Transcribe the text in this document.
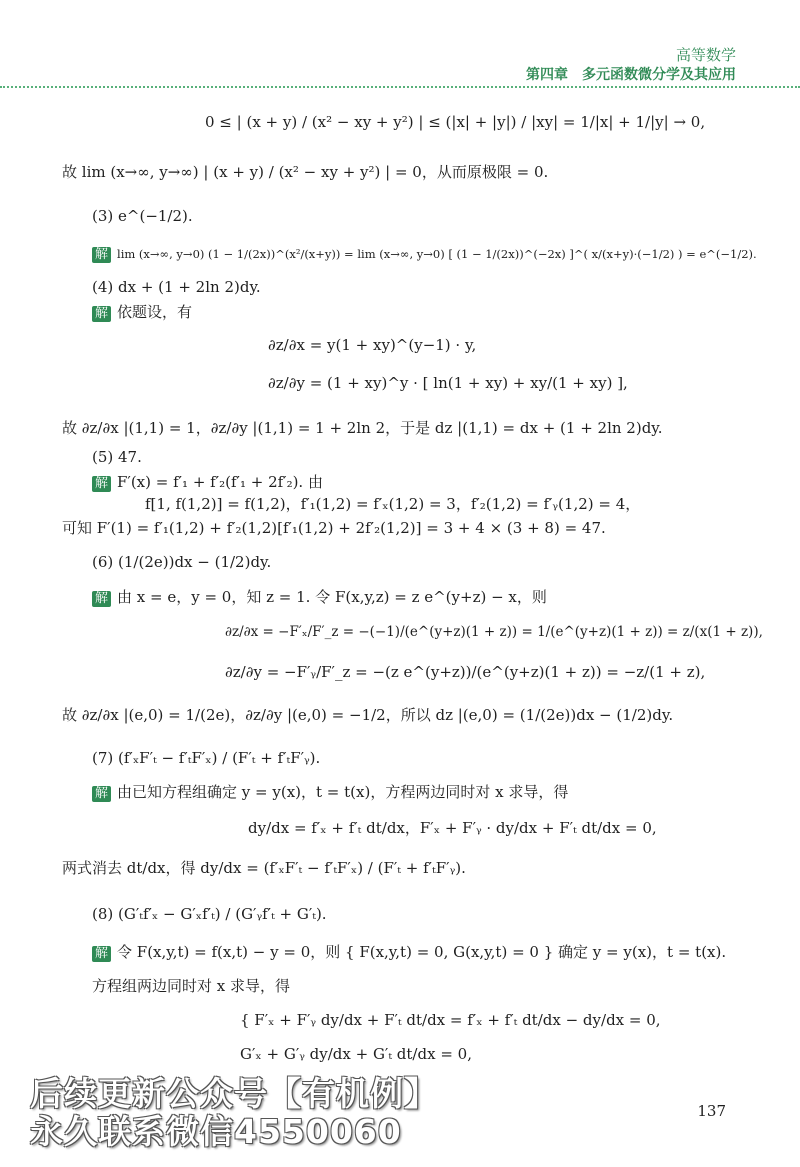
高等数学
第四章　多元函数微分学及其应用
0 ≤ | (x + y) / (x² − xy + y²) | ≤ (|x| + |y|) / |xy| = 1/|x| + 1/|y| → 0,
故 lim (x→∞, y→∞) | (x + y) / (x² − xy + y²) | = 0，从而原极限 = 0.
(3) e^(−1/2).
解 lim (x→∞, y→0) (1 − 1/(2x))^(x²/(x+y)) = lim (x→∞, y→0) [ (1 − 1/(2x))^(−2x) ]^( x/(x+y)·(−1/2) ) = e^(−1/2).
(4) dx + (1 + 2ln 2)dy.
解 依题设，有
∂z/∂x = y(1 + xy)^(y−1) · y,
∂z/∂y = (1 + xy)^y · [ ln(1 + xy) + xy/(1 + xy) ],
故 ∂z/∂x |(1,1) = 1，∂z/∂y |(1,1) = 1 + 2ln 2，于是 dz |(1,1) = dx + (1 + 2ln 2)dy.
(5) 47.
解 F′(x) = f′₁ + f′₂(f′₁ + 2f′₂). 由
f[1, f(1,2)] = f(1,2)，f′₁(1,2) = f′ₓ(1,2) = 3，f′₂(1,2) = f′ᵧ(1,2) = 4，
可知 F′(1) = f′₁(1,2) + f′₂(1,2)[f′₁(1,2) + 2f′₂(1,2)] = 3 + 4 × (3 + 8) = 47.
(6) (1/(2e))dx − (1/2)dy.
解 由 x = e，y = 0，知 z = 1. 令 F(x,y,z) = z e^(y+z) − x，则
∂z/∂x = −F′ₓ/F′_z = −(−1)/(e^(y+z)(1 + z)) = 1/(e^(y+z)(1 + z)) = z/(x(1 + z)),
∂z/∂y = −F′ᵧ/F′_z = −(z e^(y+z))/(e^(y+z)(1 + z)) = −z/(1 + z),
故 ∂z/∂x |(e,0) = 1/(2e)，∂z/∂y |(e,0) = −1/2，所以 dz |(e,0) = (1/(2e))dx − (1/2)dy.
(7) (f′ₓF′ₜ − f′ₜF′ₓ) / (F′ₜ + f′ₜF′ᵧ).
解 由已知方程组确定 y = y(x)，t = t(x)，方程两边同时对 x 求导，得
dy/dx = f′ₓ + f′ₜ dt/dx，F′ₓ + F′ᵧ · dy/dx + F′ₜ dt/dx = 0,
两式消去 dt/dx，得 dy/dx = (f′ₓF′ₜ − f′ₜF′ₓ) / (F′ₜ + f′ₜF′ᵧ).
(8) (G′ₜf′ₓ − G′ₓf′ₜ) / (G′ᵧf′ₜ + G′ₜ).
解 令 F(x,y,t) = f(x,t) − y = 0，则 { F(x,y,t) = 0, G(x,y,t) = 0 } 确定 y = y(x)，t = t(x).
方程组两边同时对 x 求导，得
{ F′ₓ + F′ᵧ dy/dx + F′ₜ dt/dx = f′ₓ + f′ₜ dt/dx − dy/dx = 0,
G′ₓ + G′ᵧ dy/dx + G′ₜ dt/dx = 0,
137
后续更新公众号【有机例】
永久联系微信4550060
